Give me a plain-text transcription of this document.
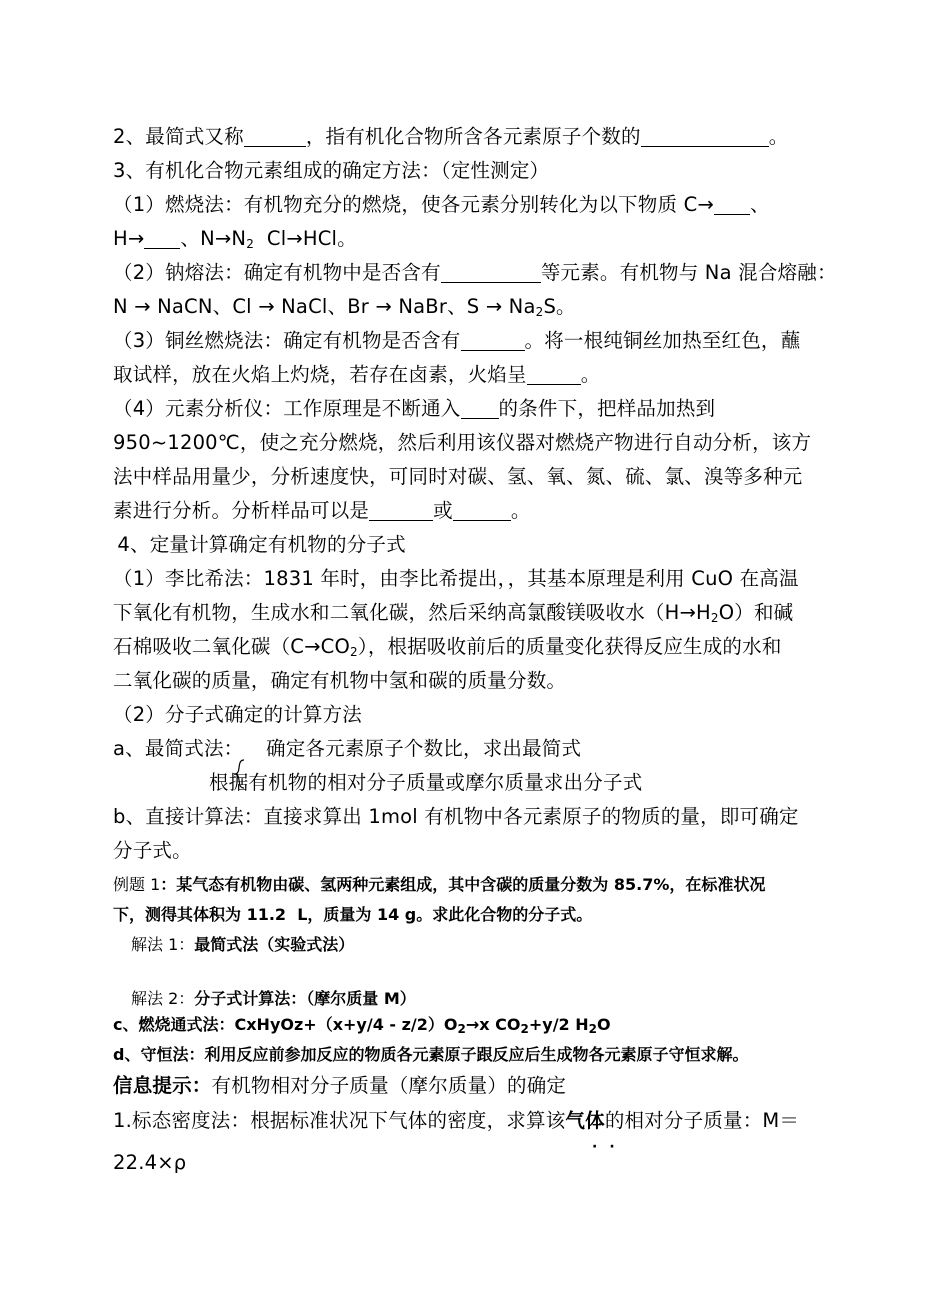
2、最简式又称	，指有机化合物所含各元素原子个数的	。
3、有机化合物元素组成的确定方法：（定性测定）
（1）燃烧法：有机物充分的燃烧，使各元素分别转化为以下物质 C→ 、
H→ 、$N\to N_2$  Cl→HCl。
（2）钠熔法：确定有机物中是否含有	等元素。有机物与 Na 混合熔融：
N → NaCN、Cl → NaCl、Br → NaBr、$S \to Na_2S$。
（3）铜丝燃烧法：确定有机物是否含有	。将一根纯铜丝加热至红色，蘸
取试样，放在火焰上灼烧，若存在卤素，火焰呈	。
（4）元素分析仪：工作原理是不断通入 的条件下，把样品加热到
950~1200℃，使之充分燃烧，然后利用该仪器对燃烧产物进行自动分析，该方
法中样品用量少，分析速度快，可同时对碳、氢、氧、氮、硫、氯、溴等多种元
素进行分析。分析样品可以是	或	。
4、定量计算确定有机物的分子式
（1）李比希法：1831 年时，由李比希提出，，其基本原理是利用 CuO 在高温
下氧化有机物，生成水和二氧化碳，然后采纳高氯酸镁吸收水$(H\to H_2O)$和碱
石棉吸收二氧化碳$(C\to CO_2)$，根据吸收前后的质量变化获得反应生成的水和
二氧化碳的质量，确定有机物中氢和碳的质量分数。
（2）分子式确定的计算方法
a、最简式法： 确定各元素原子个数比，求出最简式
根据有机物的相对分子质量或摩尔质量求出分子式
b、直接计算法：直接求算出 1mol 有机物中各元素原子的物质的量，即可确定
分子式。
例题 1：某气态有机物由碳、氢两种元素组成，其中含碳的质量分数为 85.7%，在标准状况
下，测得其体积为 11.2  L，质量为 14 g。求此化合物的分子式。
解法 1：最简式法（实验式法）
解法 2：分子式计算法：（摩尔质量 M）
c、燃烧通式法：CxHyOz+（x+y/4 - $z/2)O_2\to x$ $CO_2+y/2$ $H_2O$
d、守恒法：利用反应前参加反应的物质各元素原子跟反应后生成物各元素原子守恒求解。
信息提示：有机物相对分子质量（摩尔质量）的确定
1.标态密度法：根据标准状况下气体的密度，求算该气体的相对分子质量：M＝
··
22.4×ρ
